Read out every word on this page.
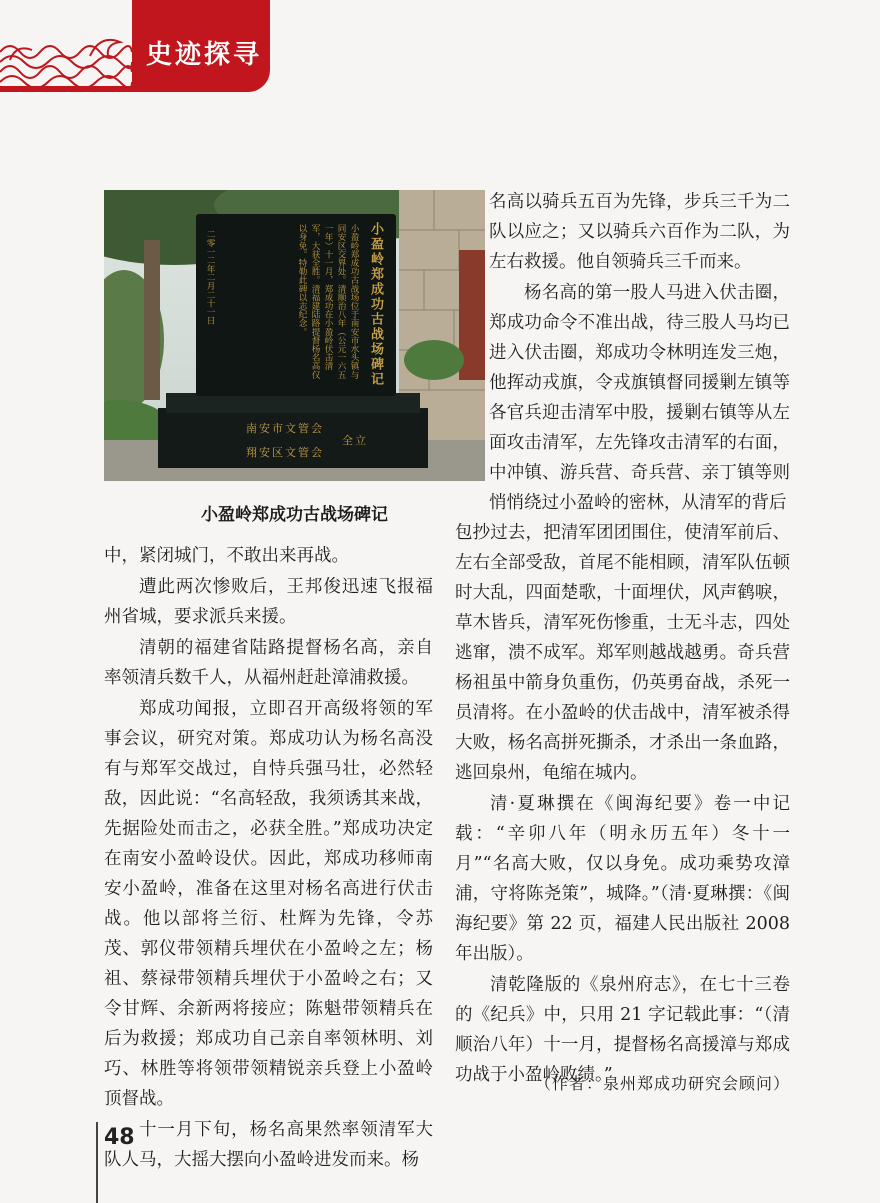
史迹探寻
小盈岭郑成功古战场碑记
小盈岭郑成功古战场位于南安市水头镇与同安区交界处。清顺治八年（公元一六五一年）十一月，郑成功在小盈岭伏击清军，大获全胜。清福建陆路提督杨名高仅以身免。特勒此碑以志纪念。
二零一二年二月二十一日
南安市文管会
翔安区文管会
全立
小盈岭郑成功古战场碑记

中，紧闭城门，不敢出来再战。

遭此两次惨败后，王邦俊迅速飞报福州省城，要求派兵来援。

清朝的福建省陆路提督杨名高，亲自率领清兵数千人，从福州赶赴漳浦救援。

郑成功闻报，立即召开高级将领的军事会议，研究对策。郑成功认为杨名高没有与郑军交战过，自恃兵强马壮，必然轻敌，因此说：“名高轻敌，我须诱其来战，先据险处而击之，必获全胜。”郑成功决定在南安小盈岭设伏。因此，郑成功移师南安小盈岭，准备在这里对杨名高进行伏击战。他以部将兰衍、杜辉为先锋，令苏茂、郭仪带领精兵埋伏在小盈岭之左；杨祖、蔡禄带领精兵埋伏于小盈岭之右；又令甘辉、余新两将接应；陈魁带领精兵在后为救援；郑成功自己亲自率领林明、刘巧、林胜等将领带领精锐亲兵登上小盈岭顶督战。

十一月下旬，杨名高果然率领清军大队人马，大摇大摆向小盈岭进发而来。杨

名高以骑兵五百为先锋，步兵三千为二队以应之；又以骑兵六百作为二队，为左右救援。他自领骑兵三千而来。

杨名高的第一股人马进入伏击圈，郑成功命令不准出战，待三股人马均已进入伏击圈，郑成功令林明连发三炮，他挥动戎旗，令戎旗镇督同援剿左镇等各官兵迎击清军中股，援剿右镇等从左面攻击清军，左先锋攻击清军的右面，中冲镇、游兵营、奇兵营、亲丁镇等则悄悄绕过小盈岭的密林，从清军的背后

包抄过去，把清军团团围住，使清军前后、左右全部受敌，首尾不能相顾，清军队伍顿时大乱，四面楚歌，十面埋伏，风声鹤唳，草木皆兵，清军死伤惨重，士无斗志，四处逃窜，溃不成军。郑军则越战越勇。奇兵营杨祖虽中箭身负重伤，仍英勇奋战，杀死一员清将。在小盈岭的伏击战中，清军被杀得大败，杨名高拼死撕杀，才杀出一条血路，逃回泉州，龟缩在城内。

清·夏琳撰在《闽海纪要》卷一中记载：“辛卯八年（明永历五年）冬十一月”“名高大败，仅以身免。成功乘势攻漳浦，守将陈尧策”，城降。”（清·夏琳撰：《闽海纪要》第 22 页，福建人民出版社 2008 年出版）。

清乾隆版的《泉州府志》，在七十三卷的《纪兵》中，只用 21 字记载此事：“（清顺治八年）十一月，提督杨名高援漳与郑成功战于小盈岭败绩。”

（作者：泉州郑成功研究会顾问）
48
